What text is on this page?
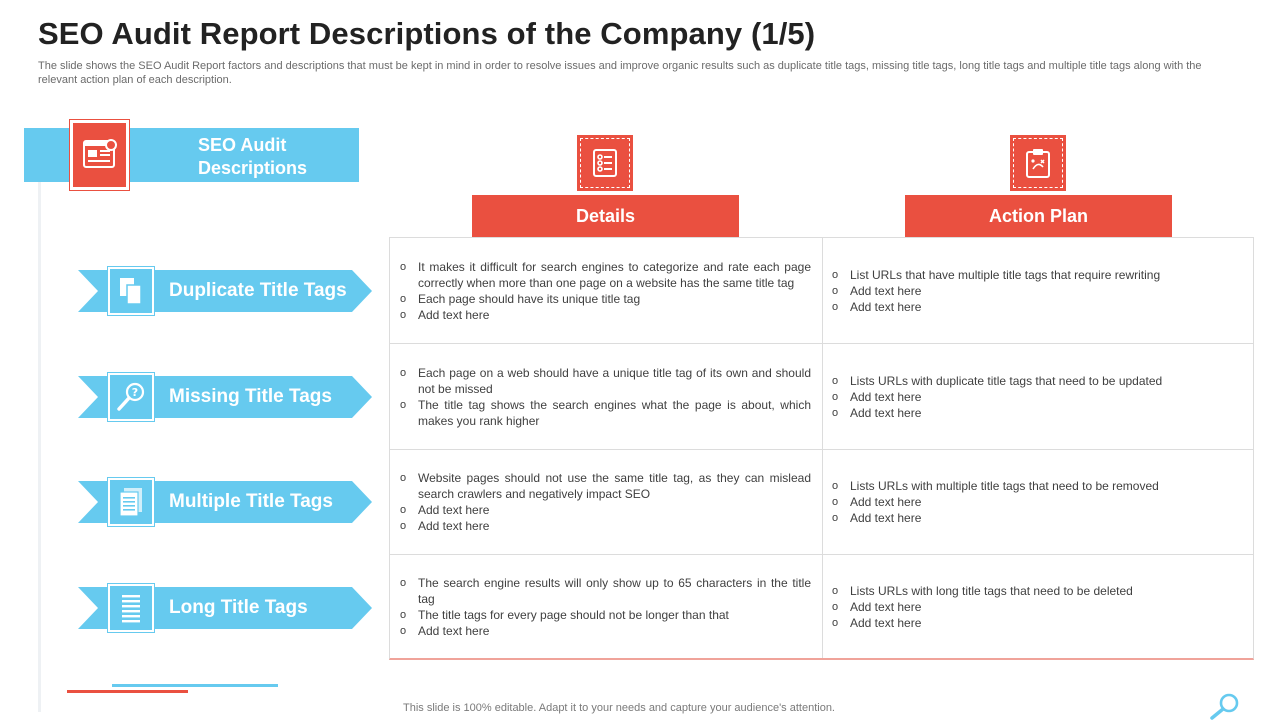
SEO Audit Report Descriptions of the Company (1/5)
The slide shows the SEO Audit Report factors and descriptions that must be kept in mind in order to resolve issues and improve organic results such as duplicate title tags, missing title tags, long title tags and multiple title tags along with the relevant action plan of each description.
SEO Audit
Descriptions
Details	Action Plan
Duplicate Title Tags
? Missing Title Tags
Multiple Title Tags
Long Title Tags
o It makes it difficult for search engines to categorize and rate each page correctly when more than one page on a website has the same title tag
o Each page should have its unique title tag
o Add text here
o List URLs that have multiple title tags that require rewriting
o Add text here
o Add text here
o Each page on a web should have a unique title tag of its own and should not be missed
o The title tag shows the search engines what the page is about, which makes you rank higher
o Lists URLs with duplicate title tags that need to be updated
o Add text here
o Add text here
o Website pages should not use the same title tag, as they can mislead search crawlers and negatively impact SEO
o Add text here
o Add text here
o Lists URLs with multiple title tags that need to be removed
o Add text here
o Add text here
o The search engine results will only show up to 65 characters in the title tag
o The title tags for every page should not be longer than that
o Add text here
o Lists URLs with long title tags that need to be deleted
o Add text here
o Add text here
This slide is 100% editable. Adapt it to your needs and capture your audience's attention.
